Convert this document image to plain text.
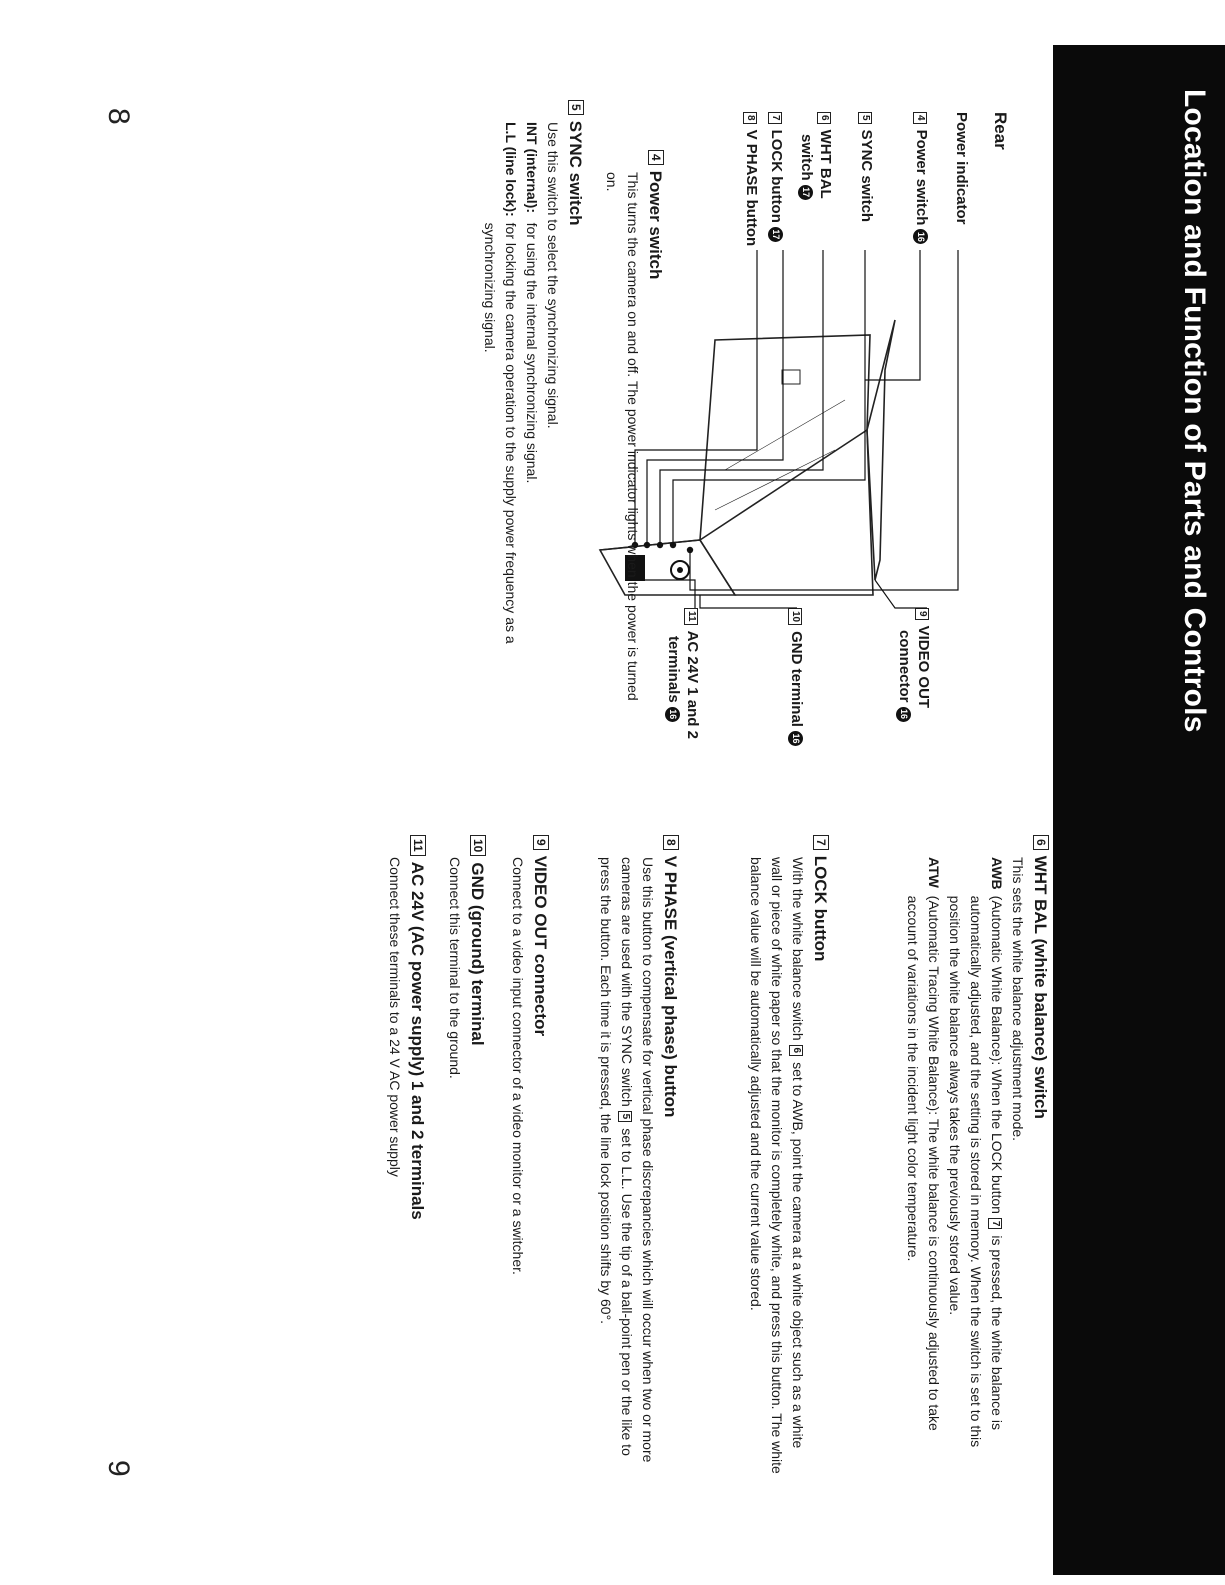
Location and Function of Parts and Controls
8
9
Rear
Power indicator
4Power switch16
5SYNC switch
6WHT BAL
switch17
7LOCK button17
8V PHASE button
9VIDEO OUT
connector16
10GND terminal16
11AC 24V 1 and 2
terminals16
4Power switch

This turns the camera on and off. The power indicator lights when the power is turned on.

5SYNC switch

Use this switch to select the synchronizing signal.

INT (internal):
for using the internal synchronizing signal.
L.L (line lock):
for locking the camera operation to the supply power frequency as a synchronizing signal.
6WHT BAL (white balance) switch

This sets the white balance adjustment mode.

AWB
(Automatic White Balance): When the LOCK button 7is pressed, the white balance is automatically adjusted, and the setting is stored in memory. When the switch is set to this position the white balance always takes the previously stored value.
ATW
(Automatic Tracing White Balance): The white balance is continuously adjusted to take account of variations in the incident light color temperature.
7LOCK button

With the white balance switch 6set to AWB, point the camera at a white object such as a white wall or piece of white paper so that the monitor is completely white, and press this button. The white balance value will be automatically adjusted and the current value stored.

8V PHASE (vertical phase) button

Use this button to compensate for vertical phase discrepancies which will occur when two or more cameras are used with the SYNC switch 5set to L.L. Use the tip of a ball-point pen or the like to press the button. Each time it is pressed, the line lock position shifts by 60°.

9VIDEO OUT connector

Connect to a video input connector of a video monitor or a switcher.

10GND (ground) terminal

Connect this terminal to the ground.

11AC 24V (AC power supply) 1 and 2 terminals

Connect these terminals to a 24 V AC power supply
